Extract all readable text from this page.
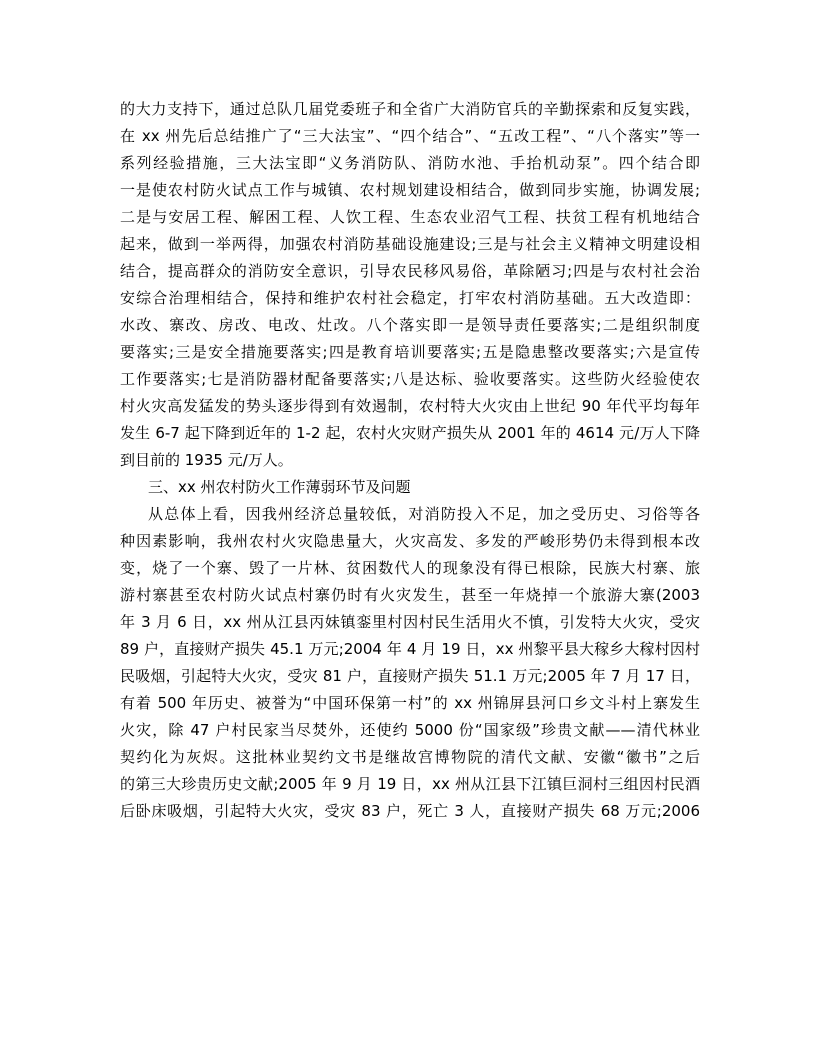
的大力支持下，通过总队几届党委班子和全省广大消防官兵的辛勤探索和反复实践，
在 xx 州先后总结推广了“三大法宝”、“四个结合”、“五改工程”、“八个落实”等一
系列经验措施，三大法宝即“义务消防队、消防水池、手抬机动泵”。四个结合即
一是使农村防火试点工作与城镇、农村规划建设相结合，做到同步实施，协调发展;
二是与安居工程、解困工程、人饮工程、生态农业沼气工程、扶贫工程有机地结合
起来，做到一举两得，加强农村消防基础设施建设;三是与社会主义精神文明建设相
结合，提高群众的消防安全意识，引导农民移风易俗，革除陋习;四是与农村社会治
安综合治理相结合，保持和维护农村社会稳定，打牢农村消防基础。五大改造即：
水改、寨改、房改、电改、灶改。八个落实即一是领导责任要落实;二是组织制度
要落实;三是安全措施要落实;四是教育培训要落实;五是隐患整改要落实;六是宣传
工作要落实;七是消防器材配备要落实;八是达标、验收要落实。这些防火经验使农
村火灾高发猛发的势头逐步得到有效遏制，农村特大火灾由上世纪 90 年代平均每年
发生 6-7 起下降到近年的 1-2 起，农村火灾财产损失从 2001 年的 4614 元/万人下降
到目前的 1935 元/万人。
三、xx 州农村防火工作薄弱环节及问题
从总体上看，因我州经济总量较低，对消防投入不足，加之受历史、习俗等各
种因素影响，我州农村火灾隐患量大，火灾高发、多发的严峻形势仍未得到根本改
变，烧了一个寨、毁了一片林、贫困数代人的现象没有得已根除，民族大村寨、旅
游村寨甚至农村防火试点村寨仍时有火灾发生，甚至一年烧掉一个旅游大寨(2003
年 3 月 6 日，xx 州从江县丙妹镇銮里村因村民生活用火不慎，引发特大火灾，受灾
89 户，直接财产损失 45.1 万元;2004 年 4 月 19 日，xx 州黎平县大稼乡大稼村因村
民吸烟，引起特大火灾，受灾 81 户，直接财产损失 51.1 万元;2005 年 7 月 17 日，
有着 500 年历史、被誉为“中国环保第一村”的 xx 州锦屏县河口乡文斗村上寨发生
火灾，除 47 户村民家当尽焚外，还使约 5000 份“国家级”珍贵文献——清代林业
契约化为灰烬。这批林业契约文书是继故宫博物院的清代文献、安徽“徽书”之后
的第三大珍贵历史文献;2005 年 9 月 19 日，xx 州从江县下江镇巨洞村三组因村民酒
后卧床吸烟，引起特大火灾，受灾 83 户，死亡 3 人，直接财产损失 68 万元;2006
